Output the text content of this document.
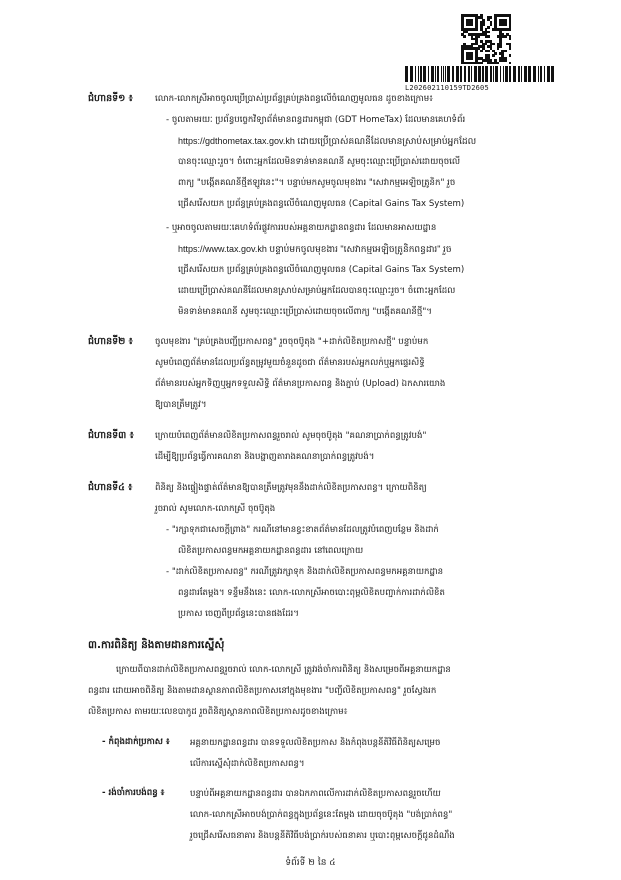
L202602110159TD2605
ជំហានទី១ ៖	លោក-លោកស្រីអាចចូលប្រើប្រាស់ប្រព័ន្ធគ្រប់គ្រងពន្ធលើចំណេញមូលធន ដូចខាងក្រោម៖
- ចូលតាមរយៈ ប្រព័ន្ធបច្ចេកវិទ្យាព័ត៌មានពន្ធដារកម្ពុជា (GDT HomeTax) ដែលមានគេហទំព័រ
https://gdthometax.tax.gov.kh ដោយប្រើប្រាស់គណនីដែលមានស្រាប់សម្រាប់អ្នកដែល
បានចុះឈ្មោះរួច។ ចំពោះអ្នកដែលមិនទាន់មានគណនី សូមចុះឈ្មោះប្រើប្រាស់ដោយចុចលើ
ពាក្យ "បង្កើតគណនីថ្មីឥឡូវនេះ"។ បន្ទាប់មកសូមចូលមុខងារ "សេវាកម្មអេឡិចត្រូនិក" រួច
ជ្រើសរើសយក ប្រព័ន្ធគ្រប់គ្រងពន្ធលើចំណេញមូលធន (Capital Gains Tax System)
- ឬអាចចូលតាមរយៈគេហទំព័រផ្លូវការរបស់អគ្គនាយកដ្ឋានពន្ធដារ ដែលមានអាសយដ្ឋាន
https://www.tax.gov.kh បន្ទាប់មកចូលមុខងារ "សេវាកម្មអេឡិចត្រូនិកពន្ធដារ" រួច
ជ្រើសរើសយក ប្រព័ន្ធគ្រប់គ្រងពន្ធលើចំណេញមូលធន (Capital Gains Tax System)
ដោយប្រើប្រាស់គណនីដែលមានស្រាប់សម្រាប់អ្នកដែលបានចុះឈ្មោះរួច។ ចំពោះអ្នកដែល
មិនទាន់មានគណនី សូមចុះឈ្មោះប្រើប្រាស់ដោយចុចលើពាក្យ "បង្កើតគណនីថ្មី"។
ជំហានទី២ ៖	ចូលមុខងារ "គ្រប់គ្រងបញ្ជីប្រកាសពន្ធ" រួចចុចប៊ូតុង "+ដាក់លិខិតប្រកាសថ្មី" បន្ទាប់មក
សូមបំពេញព័ត៌មានដែលប្រព័ន្ធតម្រូវមួយចំនួនដូចជា ព័ត៌មានរបស់អ្នកលក់ឬអ្នកផ្ទេរសិទ្ធិ
ព័ត៌មានរបស់អ្នកទិញឬអ្នកទទួលសិទ្ធិ ព័ត៌មានប្រកាសពន្ធ និងភ្ជាប់ (Upload) ឯកសារយោង
ឱ្យបានត្រឹមត្រូវ។
ជំហានទី៣ ៖ ក្រោយបំពេញព័ត៌មានលិខិតប្រកាសពន្ធរួចរាល់ សូមចុចប៊ូតុង "គណនាប្រាក់ពន្ធត្រូវបង់"
ដើម្បីឱ្យប្រព័ន្ធធ្វើការគណនា និងបង្ហាញតារាងគណនាប្រាក់ពន្ធត្រូវបង់។
ជំហានទី៤ ៖	ពិនិត្យ និងផ្ទៀងផ្ទាត់ព័ត៌មានឱ្យបានត្រឹមត្រូវមុននឹងដាក់លិខិតប្រកាសពន្ធ។ ក្រោយពិនិត្យ
រួចរាល់ សូមលោក-លោកស្រី ចុចប៊ូតុង
- "រក្សាទុកជាសេចក្តីព្រាង" ករណីនៅមានខ្វះខាតព័ត៌មានដែលត្រូវបំពេញបន្ថែម និងដាក់
លិខិតប្រកាសពន្ធមកអគ្គនាយកដ្ឋានពន្ធដារ នៅពេលក្រោយ
- "ដាក់លិខិតប្រកាសពន្ធ" ករណីត្រូវរក្សាទុក និងដាក់លិខិតប្រកាសពន្ធមកអគ្គនាយកដ្ឋាន
ពន្ធដារតែម្តង។ ទន្ទឹមនឹងនេះ លោក-លោកស្រីអាចបោះពុម្ពលិខិតបញ្ជាក់ការដាក់លិខិត
ប្រកាស ចេញពីប្រព័ន្ធនេះបានផងដែរ។
៣.ការពិនិត្យ និងតាមដានការស្នើសុំ
ក្រោយពីបានដាក់លិខិតប្រកាសពន្ធរួចរាល់ លោក-លោកស្រី ត្រូវរង់ចាំការពិនិត្យ និងសម្រេចពីអគ្គនាយកដ្ឋាន
ពន្ធដារ ដោយអាចពិនិត្យ និងតាមដានស្ថានភាពលិខិតប្រកាសនៅក្នុងមុខងារ "បញ្ជីលិខិតប្រកាសពន្ធ" រួចស្វែងរក
លិខិតប្រកាស តាមរយៈលេខបាកូដ រួចពិនិត្យស្ថានភាពលិខិតប្រកាសដូចខាងក្រោម៖
- កំពុងដាក់ប្រកាស ៖ អគ្គនាយកដ្ឋានពន្ធដារ បានទទួលលិខិតប្រកាស និងកំពុងបន្តនីតិវិធីពិនិត្យសម្រេច
លើការស្នើសុំដាក់លិខិតប្រកាសពន្ធ។
- រង់ចាំការបង់ពន្ធ ៖	បន្ទាប់ពីអគ្គនាយកដ្ឋានពន្ធដារ បានឯកភាពលើការដាក់លិខិតប្រកាសពន្ធរួចហើយ
លោក-លោកស្រីអាចបង់ប្រាក់ពន្ធក្នុងប្រព័ន្ធនេះតែម្តង ដោយចុចប៊ូតុង "បង់ប្រាក់ពន្ធ"
រួចជ្រើសរើសធនាគារ និងបន្តនីតិវិធីបង់ប្រាក់របស់ធនាគារ ឬបោះពុម្ពសេចក្តីជូនដំណឹង
ទំព័រទី ២ នៃ ៤
